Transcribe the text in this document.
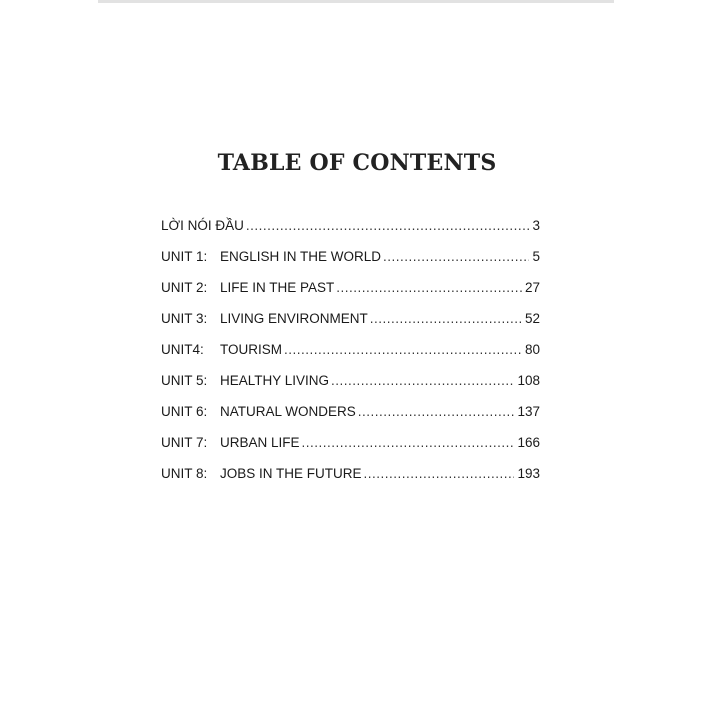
TABLE OF CONTENTS
LỜI NÓI ĐẦU .....	3
UNIT 1: ENGLISH IN THE WORLD .....	5
UNIT 2: LIFE IN THE PAST .....	27
UNIT 3: LIVING ENVIRONMENT .....	52
UNIT4:	TOURISM .....	80
UNIT 5: HEALTHY LIVING .....	108
UNIT 6: NATURAL WONDERS .....	137
UNIT 7: URBAN LIFE .....	166
UNIT 8: JOBS IN THE FUTURE .....	193
